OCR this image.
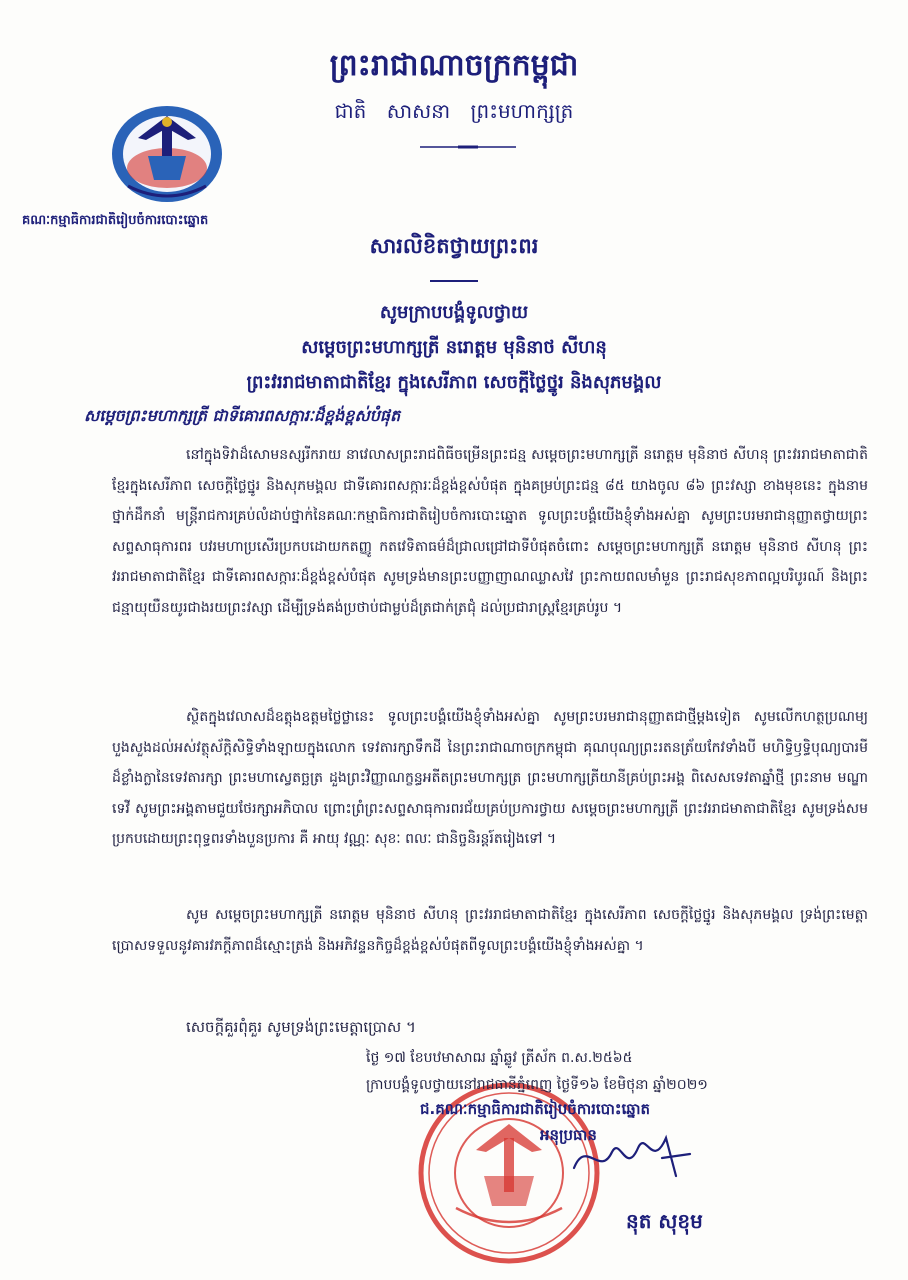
ព្រះរាជាណាចក្រកម្ពុជា
ជាតិ សាសនា ព្រះមហាក្សត្រ
គណៈកម្មាធិការជាតិរៀបចំការបោះឆ្នោត
សារលិខិតថ្វាយព្រះពរ
សូមក្រាបបង្គំទូលថ្វាយ
សម្តេចព្រះមហាក្សត្រី នរោត្តម មុនិនាថ សីហនុ
ព្រះវររាជមាតាជាតិខ្មែរ ក្នុងសេរីភាព សេចក្តីថ្លៃថ្នូរ និងសុភមង្គល
សម្តេចព្រះមហាក្សត្រី ជាទីគោរពសក្ការៈដ៏ខ្ពង់ខ្ពស់បំផុត
នៅក្នុងទិវាដ៏សោមនស្សរីករាយ នាវេលាសព្រះរាជពិធីចម្រើនព្រះជន្ម សម្តេចព្រះមហាក្សត្រី នរោត្តម មុនិនាថ សីហនុ ព្រះវររាជមាតាជាតិខ្មែរក្នុងសេរីភាព សេចក្តីថ្លៃថ្នូរ និងសុភមង្គល ជាទីគោរពសក្ការៈដ៏ខ្ពង់ខ្ពស់បំផុត ក្នុងគម្រប់ព្រះជន្ម ៨៥ យាងចូល ៨៦ ព្រះវស្សា ខាងមុខនេះ ក្នុងនាមថ្នាក់ដឹកនាំ មន្ត្រីរាជការគ្រប់លំដាប់ថ្នាក់នៃគណៈកម្មាធិការជាតិរៀបចំការបោះឆ្នោត ទូលព្រះបង្គំយើងខ្ញុំទាំងអស់គ្នា សូមព្រះបរមរាជានុញ្ញាតថ្វាយព្រះសព្ទសាធុការពរ បវរមហាប្រសើរប្រកបដោយកតញ្ញូ កតវេទិតាធម៌ដ៏ជ្រាលជ្រៅជាទីបំផុតចំពោះ សម្តេចព្រះមហាក្សត្រី នរោត្តម មុនិនាថ សីហនុ ព្រះវររាជមាតាជាតិខ្មែរ ជាទីគោរពសក្ការៈដ៏ខ្ពង់ខ្ពស់បំផុត សូមទ្រង់មានព្រះបញ្ញាញាណឈ្លាសវៃ ព្រះកាយពលមាំមួន ព្រះរាជសុខភាពល្អបរិបូរណ៍ និងព្រះជន្មាយុយឺនយូរជាងរយព្រះវស្សា ដើម្បីទ្រង់គង់ប្រថាប់ជាម្លប់ដ៏ត្រជាក់ត្រជុំ ដល់ប្រជារាស្ត្រខ្មែរគ្រប់រូប ។
ស្ថិតក្នុងវេលាសដ៏ឧត្តុងឧត្តមថ្លៃថ្លានេះ ទូលព្រះបង្គំយើងខ្ញុំទាំងអស់គ្នា សូមព្រះបរមរាជានុញ្ញាតជាថ្មីម្តងទៀត សូមលើកហត្ថប្រណម្យបួងសួងដល់អស់វត្ថុស័ក្តិសិទ្ធិទាំងឡាយក្នុងលោក ទេវតារក្សាទឹកដី នៃព្រះរាជាណាចក្រកម្ពុជា គុណបុណ្យព្រះរតនត្រ័យកែវទាំងបី មហិទ្ធិឫទ្ធិបុណ្យបារមីដ៏ខ្លាំងក្លានៃទេវតារក្សា ព្រះមហាស្វេតច្ឆត្រ ដួងព្រះវិញ្ញាណក្ខន្ធអតីតព្រះមហាក្សត្រ ព្រះមហាក្សត្រីយានីគ្រប់ព្រះអង្គ ពិសេសទេវតាឆ្នាំថ្មី ព្រះនាម មណ្ឌាទេវី សូមព្រះអង្គតាមជួយថែរក្សាអភិបាល ព្រោះព្រំព្រះសព្ទសាធុការពរជ័យគ្រប់ប្រការថ្វាយ សម្តេចព្រះមហាក្សត្រី ព្រះវររាជមាតាជាតិខ្មែរ សូមទ្រង់សមប្រកបដោយព្រះពុទ្ធពរទាំងបួនប្រការ គឺ អាយុ វណ្ណៈ សុខៈ ពលៈ ជានិច្ចនិរន្តរ៍តរៀងទៅ ។
សូម សម្តេចព្រះមហាក្សត្រី នរោត្តម មុនិនាថ សីហនុ ព្រះវររាជមាតាជាតិខ្មែរ ក្នុងសេរីភាព សេចក្តីថ្លៃថ្នូរ និងសុភមង្គល ទ្រង់ព្រះមេត្តាប្រោសទទួលនូវគារវភក្តីភាពដ៏ស្មោះត្រង់ និងអភិវន្ទនកិច្ចដ៏ខ្ពង់ខ្ពស់បំផុតពីទូលព្រះបង្គំយើងខ្ញុំទាំងអស់គ្នា ។
សេចក្តីគួរពុំគួរ សូមទ្រង់ព្រះមេត្តាប្រោស ។
ថ្ងៃ ១៧ ខែបឋមាសាឍ ឆ្នាំឆ្លូវ ត្រីស័ក ព.ស.២៥៦៥
ក្រាបបង្គំទូលថ្វាយនៅរាជធានីភ្នំពេញ ថ្ងៃទី១៦ ខែមិថុនា ឆ្នាំ២០២១
ជ.គណៈកម្មាធិការជាតិរៀបចំការបោះឆ្នោត
អនុប្រធាន
នុត សុខុម
